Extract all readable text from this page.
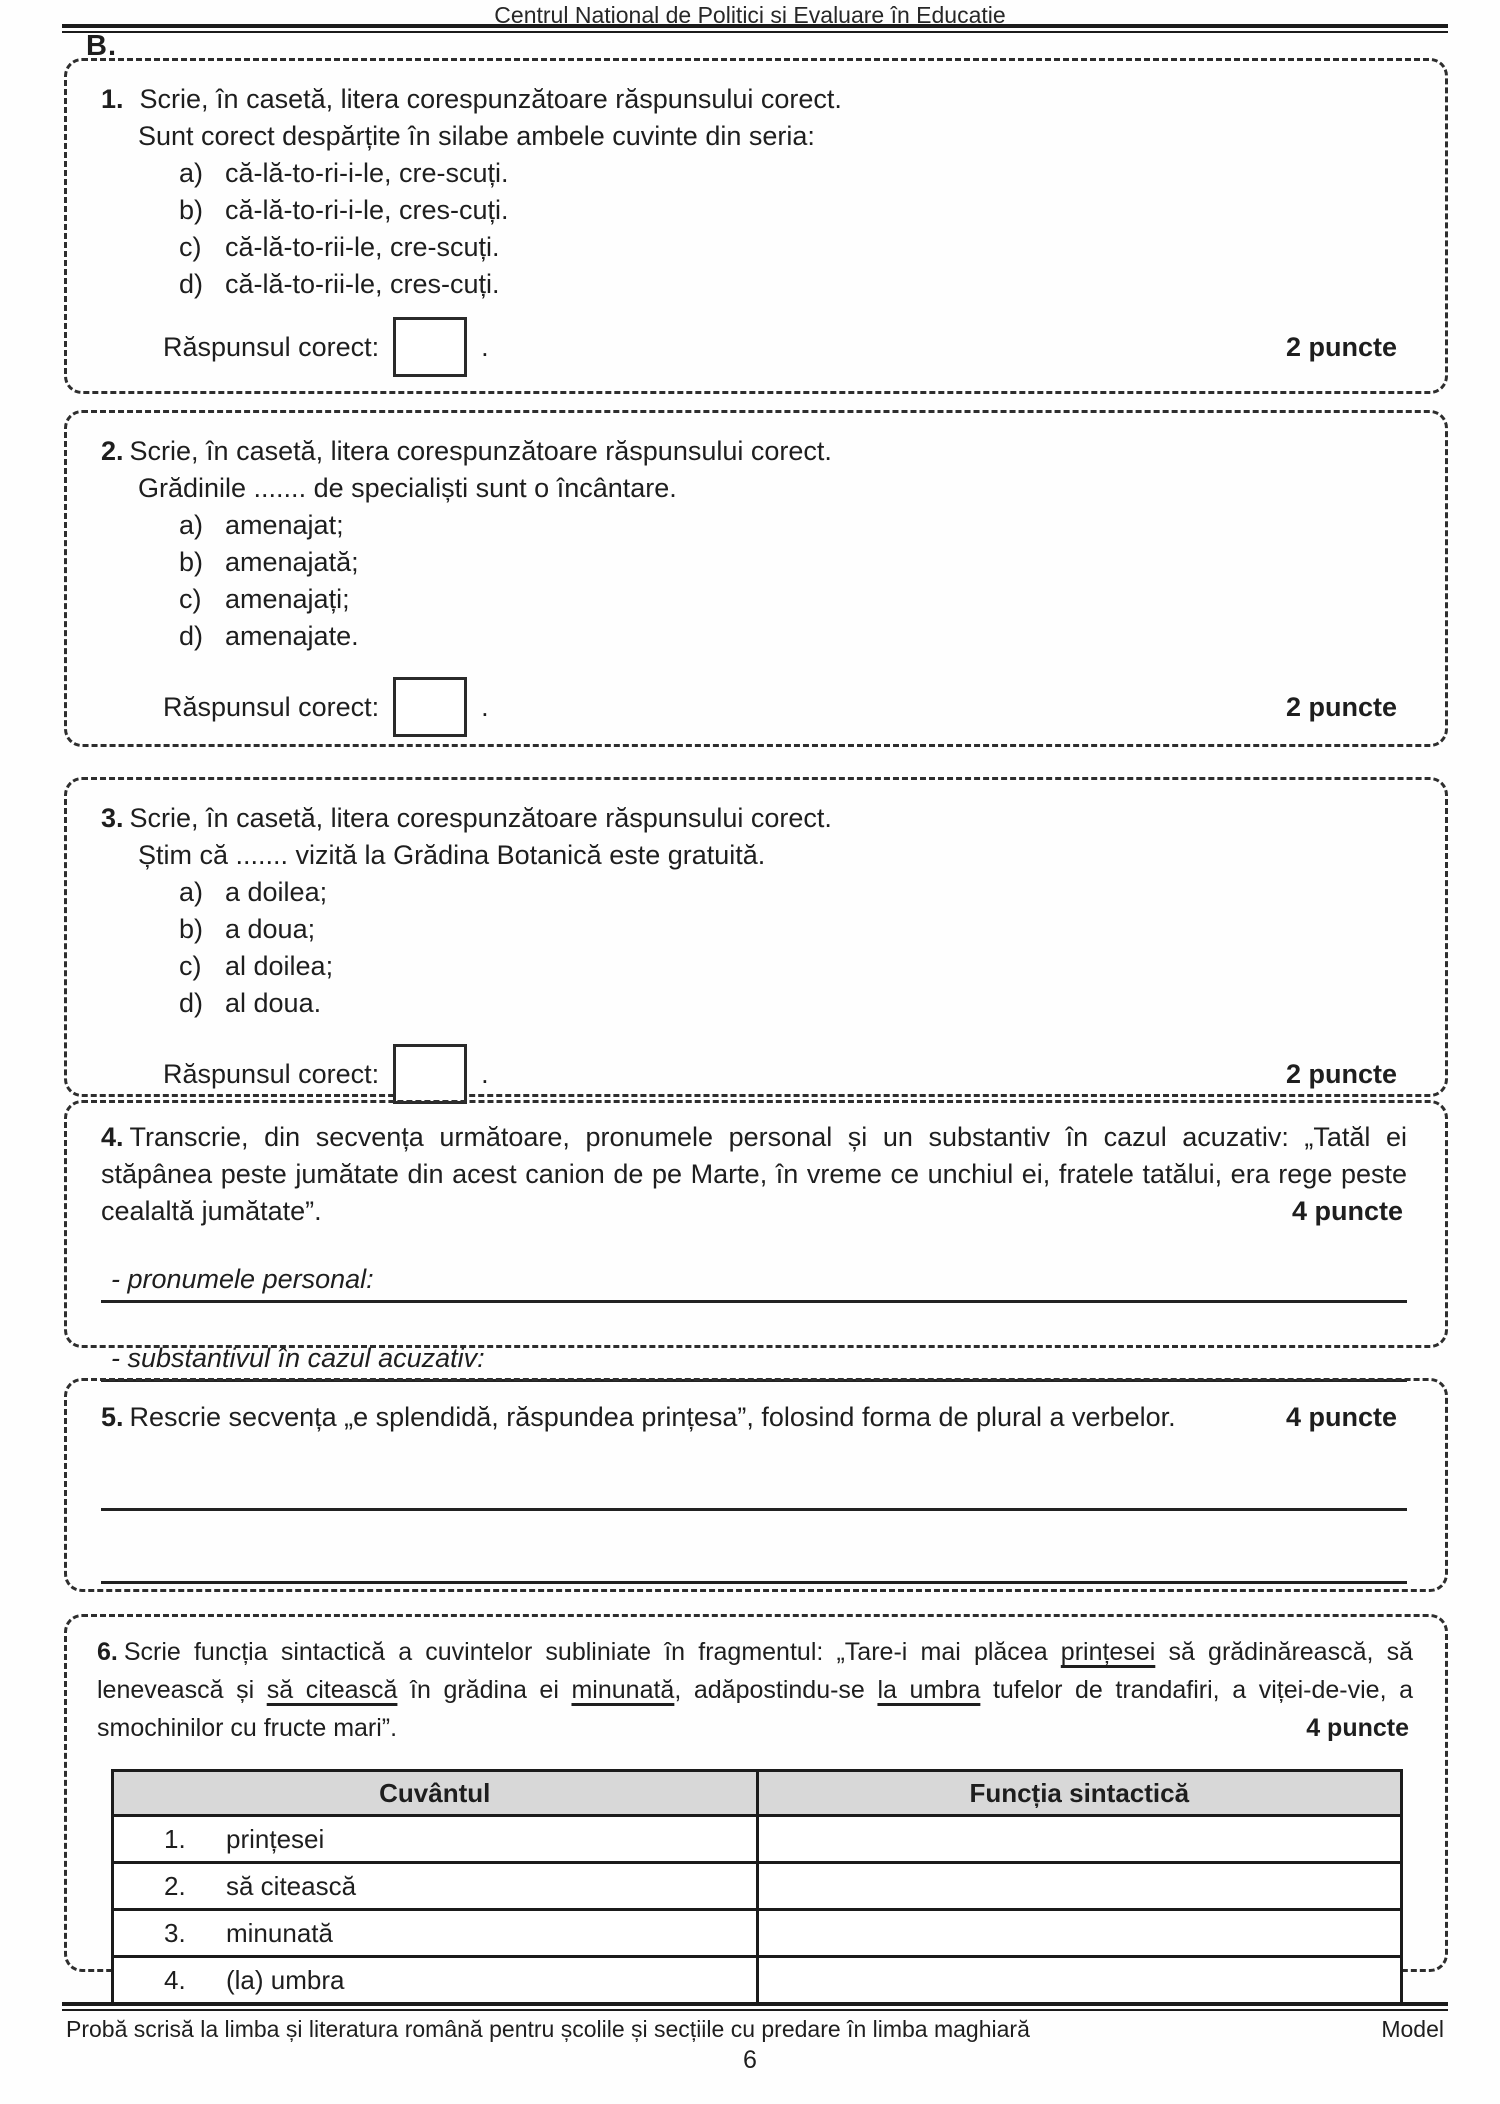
Centrul Național de Politici și Evaluare în Educație
B.
1. Scrie, în casetă, litera corespunzătoare răspunsului corect.
Sunt corect despărțite în silabe ambele cuvinte din seria:
a) că-lă-to-ri-i-le, cre-scuți.
b) că-lă-to-ri-i-le, cres-cuți.
c) că-lă-to-rii-le, cre-scuți.
d) că-lă-to-rii-le, cres-cuți.
Răspunsul corect:	.	2 puncte
2. Scrie, în casetă, litera corespunzătoare răspunsului corect.
Grădinile ....... de specialiști sunt o încântare.
a) amenajat;
b) amenajată;
c) amenajați;
d) amenajate.
Răspunsul corect:	.	2 puncte
3. Scrie, în casetă, litera corespunzătoare răspunsului corect.
Știm că ....... vizită la Grădina Botanică este gratuită.
a) a doilea;
b) a doua;
c) al doilea;
d) al doua.
Răspunsul corect:	.	2 puncte
4. Transcrie, din secvența următoare, pronumele personal și un substantiv în cazul acuzativ: „Tatăl ei stăpânea peste jumătate din acest canion de pe Marte, în vreme ce unchiul ei, fratele tatălui, era rege peste cealaltă jumătate”.	4 puncte
- pronumele personal:
- substantivul în cazul acuzativ:
5. Rescrie secvența „e splendidă, răspundea prințesa”, folosind forma de plural a verbelor.	4 puncte
6. Scrie funcția sintactică a cuvintelor subliniate în fragmentul: „Tare-i mai plăcea prințesei să grădinărească, să lenevească și să citească în grădina ei minunată, adăpostindu-se la umbra tufelor de trandafiri, a viței-de-vie, a smochinilor cu fructe mari”.	4 puncte
Cuvântul	Funcția sintactică
1. prințesei	
2. să citească	
3. minunată	
4. (la) umbra	
Probă scrisă la limba și literatura română pentru școlile și secțiile cu predare în limba maghiară	Model
6
